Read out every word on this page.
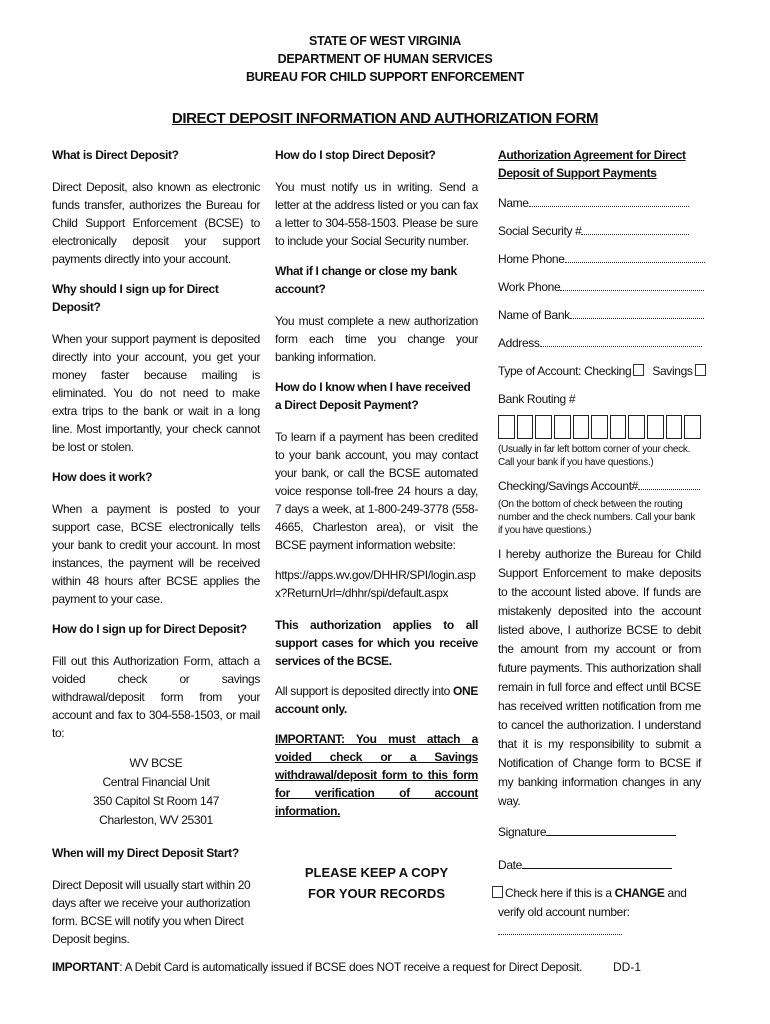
STATE OF WEST VIRGINIA
DEPARTMENT OF HUMAN SERVICES
BUREAU FOR CHILD SUPPORT ENFORCEMENT
DIRECT DEPOSIT INFORMATION AND AUTHORIZATION FORM

What is Direct Deposit?

Direct Deposit, also known as electronic funds transfer, authorizes the Bureau for Child Support Enforcement (BCSE) to electronically deposit your support payments directly into your account.

Why should I sign up for Direct Deposit?

When your support payment is deposited directly into your account, you get your money faster because mailing is eliminated. You do not need to make extra trips to the bank or wait in a long line. Most importantly, your check cannot be lost or stolen.

How does it work?

When a payment is posted to your support case, BCSE electronically tells your bank to credit your account. In most instances, the payment will be received within 48 hours after BCSE applies the payment to your case.

How do I sign up for Direct Deposit?

Fill out this Authorization Form, attach a voided check or savings withdrawal/deposit form from your account and fax to 304-558-1503, or mail to:

WV BCSE
Central Financial Unit
350 Capitol St Room 147
Charleston, WV 25301

When will my Direct Deposit Start?

Direct Deposit will usually start within 20 days after we receive your authorization form. BCSE will notify you when Direct Deposit begins.

How do I stop Direct Deposit?

You must notify us in writing. Send a letter at the address listed or you can fax a letter to 304-558-1503. Please be sure to include your Social Security number.

What if I change or close my bank account?

You must complete a new authorization form each time you change your banking information.

How do I know when I have received a Direct Deposit Payment?

To learn if a payment has been credited to your bank account, you may contact your bank, or call the BCSE automated voice response toll-free 24 hours a day, 7 days a week, at 1-800-249-3778 (558-4665, Charleston area), or visit the BCSE payment information website:

https://apps.wv.gov/DHHR/SPI/login.aspx?ReturnUrl=/dhhr/spi/default.aspx

This authorization applies to all support cases for which you receive services of the BCSE.

All support is deposited directly into ONE account only.

IMPORTANT: You must attach a voided check or a Savings withdrawal/deposit form to this form for verification of account information.

PLEASE KEEP A COPY
FOR YOUR RECORDS

Authorization Agreement for Direct Deposit of Support Payments

Name
Social Security #
Home Phone
Work Phone
Name of Bank
Address
Type of Account: Checking Savings
Bank Routing #

(Usually in far left bottom corner of your check. Call your bank if you have questions.)

Checking/Savings Account#

(On the bottom of check between the routing number and the check numbers. Call your bank if you have questions.)

I hereby authorize the Bureau for Child Support Enforcement to make deposits to the account listed above. If funds are mistakenly deposited into the account listed above, I authorize BCSE to debit the amount from my account or from future payments. This authorization shall remain in full force and effect until BCSE has received written notification from me to cancel the authorization. I understand that it is my responsibility to submit a Notification of Change form to BCSE if my banking information changes in any way.

Signature
Date
Check here if this is a CHANGE and verify old account number:
IMPORTANT: A Debit Card is automatically issued if BCSE does NOT receive a request for Direct Deposit.	DD-1
